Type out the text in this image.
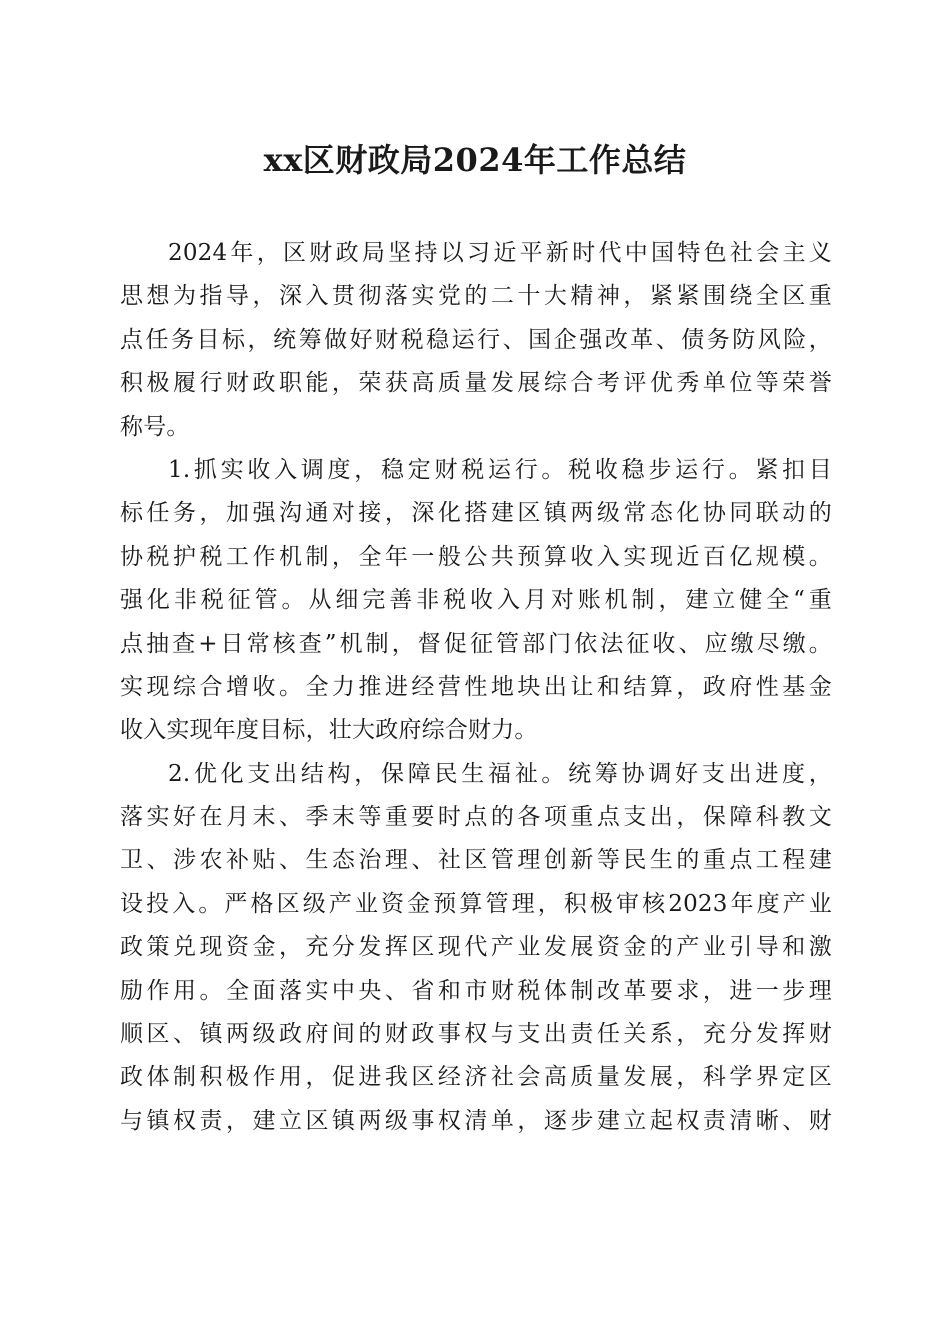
xx区财政局2024年工作总结
2024年，区财政局坚持以习近平新时代中国特色社会主义
思想为指导，深入贯彻落实党的二十大精神，紧紧围绕全区重
点任务目标，统筹做好财税稳运行、国企强改革、债务防风险，
积极履行财政职能，荣获高质量发展综合考评优秀单位等荣誉
称号。
1.抓实收入调度，稳定财税运行。税收稳步运行。紧扣目
标任务，加强沟通对接，深化搭建区镇两级常态化协同联动的
协税护税工作机制，全年一般公共预算收入实现近百亿规模。
强化非税征管。从细完善非税收入月对账机制，建立健全“重
点抽查+日常核查”机制，督促征管部门依法征收、应缴尽缴。
实现综合增收。全力推进经营性地块出让和结算，政府性基金
收入实现年度目标，壮大政府综合财力。
2.优化支出结构，保障民生福祉。统筹协调好支出进度，
落实好在月末、季末等重要时点的各项重点支出，保障科教文
卫、涉农补贴、生态治理、社区管理创新等民生的重点工程建
设投入。严格区级产业资金预算管理，积极审核2023年度产业
政策兑现资金，充分发挥区现代产业发展资金的产业引导和激
励作用。全面落实中央、省和市财税体制改革要求，进一步理
顺区、镇两级政府间的财政事权与支出责任关系，充分发挥财
政体制积极作用，促进我区经济社会高质量发展，科学界定区
与镇权责，建立区镇两级事权清单，逐步建立起权责清晰、财
